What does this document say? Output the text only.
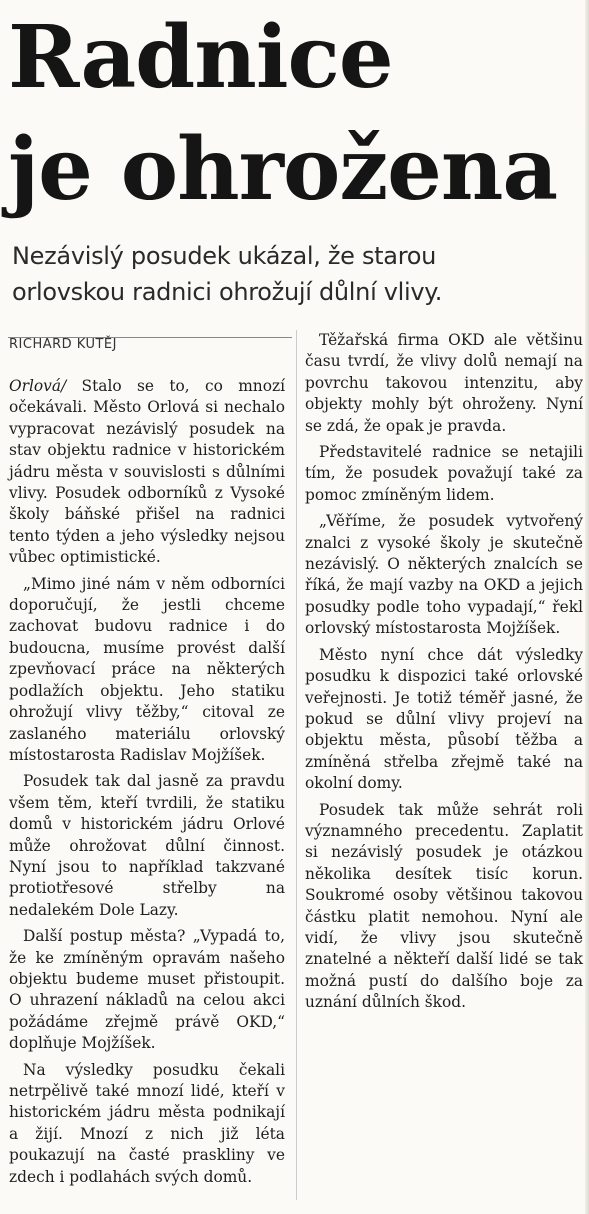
Radnice
je ohrožena
Nezávislý posudek ukázal, že starou
orlovskou radnici ohrožují důlní vlivy.
RICHARD KUTĚJ

Orlová/ Stalo se to, co mnozí očekávali. Město Orlová si nechalo vypracovat nezávislý posudek na stav objektu radnice v historickém jádru města v souvislosti s důlními vlivy. Posudek odborníků z Vysoké školy báňské přišel na radnici tento týden a jeho výsledky nejsou vůbec optimistické.

„Mimo jiné nám v něm odborníci doporučují, že jestli chceme zachovat budovu radnice i do budoucna, musíme provést další zpevňovací práce na některých podlažích objektu. Jeho statiku ohrožují vlivy těžby,“ citoval ze zaslaného materiálu orlovský místostarosta Radislav Mojžíšek.

Posudek tak dal jasně za pravdu všem těm, kteří tvrdili, že statiku domů v historickém jádru Orlové může ohrožovat důlní činnost. Nyní jsou to například takzvané protiotřesové střelby na nedalekém Dole Lazy.

Další postup města? „Vypadá to, že ke zmíněným opravám našeho objektu budeme muset přistoupit. O uhrazení nákladů na celou akci požádáme zřejmě právě OKD,“ doplňuje Mojžíšek.

Na výsledky posudku čekali netrpělivě také mnozí lidé, kteří v historickém jádru města podnikají a žijí. Mnozí z nich již léta poukazují na časté praskliny ve zdech i podlahách svých domů.

Těžařská firma OKD ale většinu času tvrdí, že vlivy dolů nemají na povrchu takovou intenzitu, aby objekty mohly být ohroženy. Nyní se zdá, že opak je pravda.

Představitelé radnice se netajili tím, že posudek považují také za pomoc zmíněným lidem.

„Věříme, že posudek vytvořený znalci z vysoké školy je skutečně nezávislý. O některých znalcích se říká, že mají vazby na OKD a jejich posudky podle toho vypadají,“ řekl orlovský místostarosta Mojžíšek.

Město nyní chce dát výsledky posudku k dispozici také orlovské veřejnosti. Je totiž téměř jasné, že pokud se důlní vlivy projeví na objektu města, působí těžba a zmíněná střelba zřejmě také na okolní domy.

Posudek tak může sehrát roli významného precedentu. Zaplatit si nezávislý posudek je otázkou několika desítek tisíc korun. Soukromé osoby většinou takovou částku platit nemohou. Nyní ale vidí, že vlivy jsou skutečně znatelné a někteří další lidé se tak možná pustí do dalšího boje za uznání důlních škod.
